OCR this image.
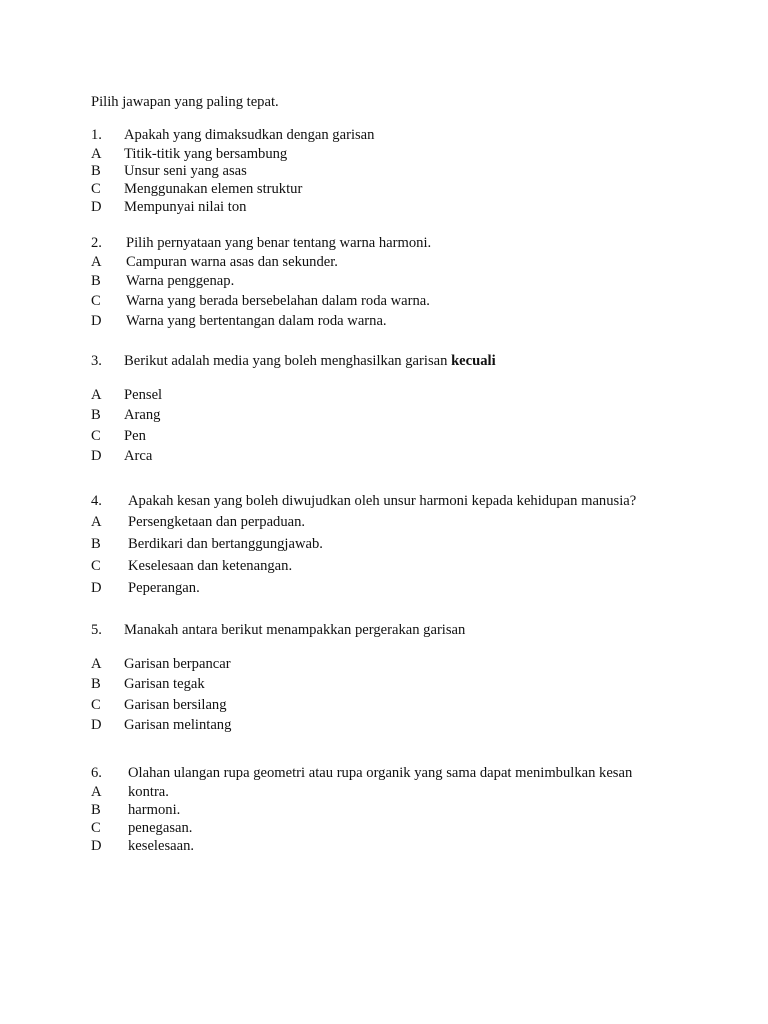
Pilih jawapan yang paling tepat.
1. Apakah yang dimaksudkan dengan garisan
A Titik-titik yang bersambung
B Unsur seni yang asas
C Menggunakan elemen struktur
D Mempunyai nilai ton
2. Pilih pernyataan yang benar tentang warna harmoni.
A Campuran warna asas dan sekunder.
B Warna penggenap.
C Warna yang berada bersebelahan dalam roda warna.
D Warna yang bertentangan dalam roda warna.
3. Berikut adalah media yang boleh menghasilkan garisan kecuali
A Pensel
B Arang
C Pen
D Arca
4. Apakah kesan yang boleh diwujudkan oleh unsur harmoni kepada kehidupan manusia?
A Persengketaan dan perpaduan.
B Berdikari dan bertanggungjawab.
C Keselesaan dan ketenangan.
D Peperangan.
5. Manakah antara berikut menampakkan pergerakan garisan
A Garisan berpancar
B Garisan tegak
C Garisan bersilang
D Garisan melintang
6. Olahan ulangan rupa geometri atau rupa organik yang sama dapat menimbulkan kesan
A kontra.
B harmoni.
C penegasan.
D keselesaan.
